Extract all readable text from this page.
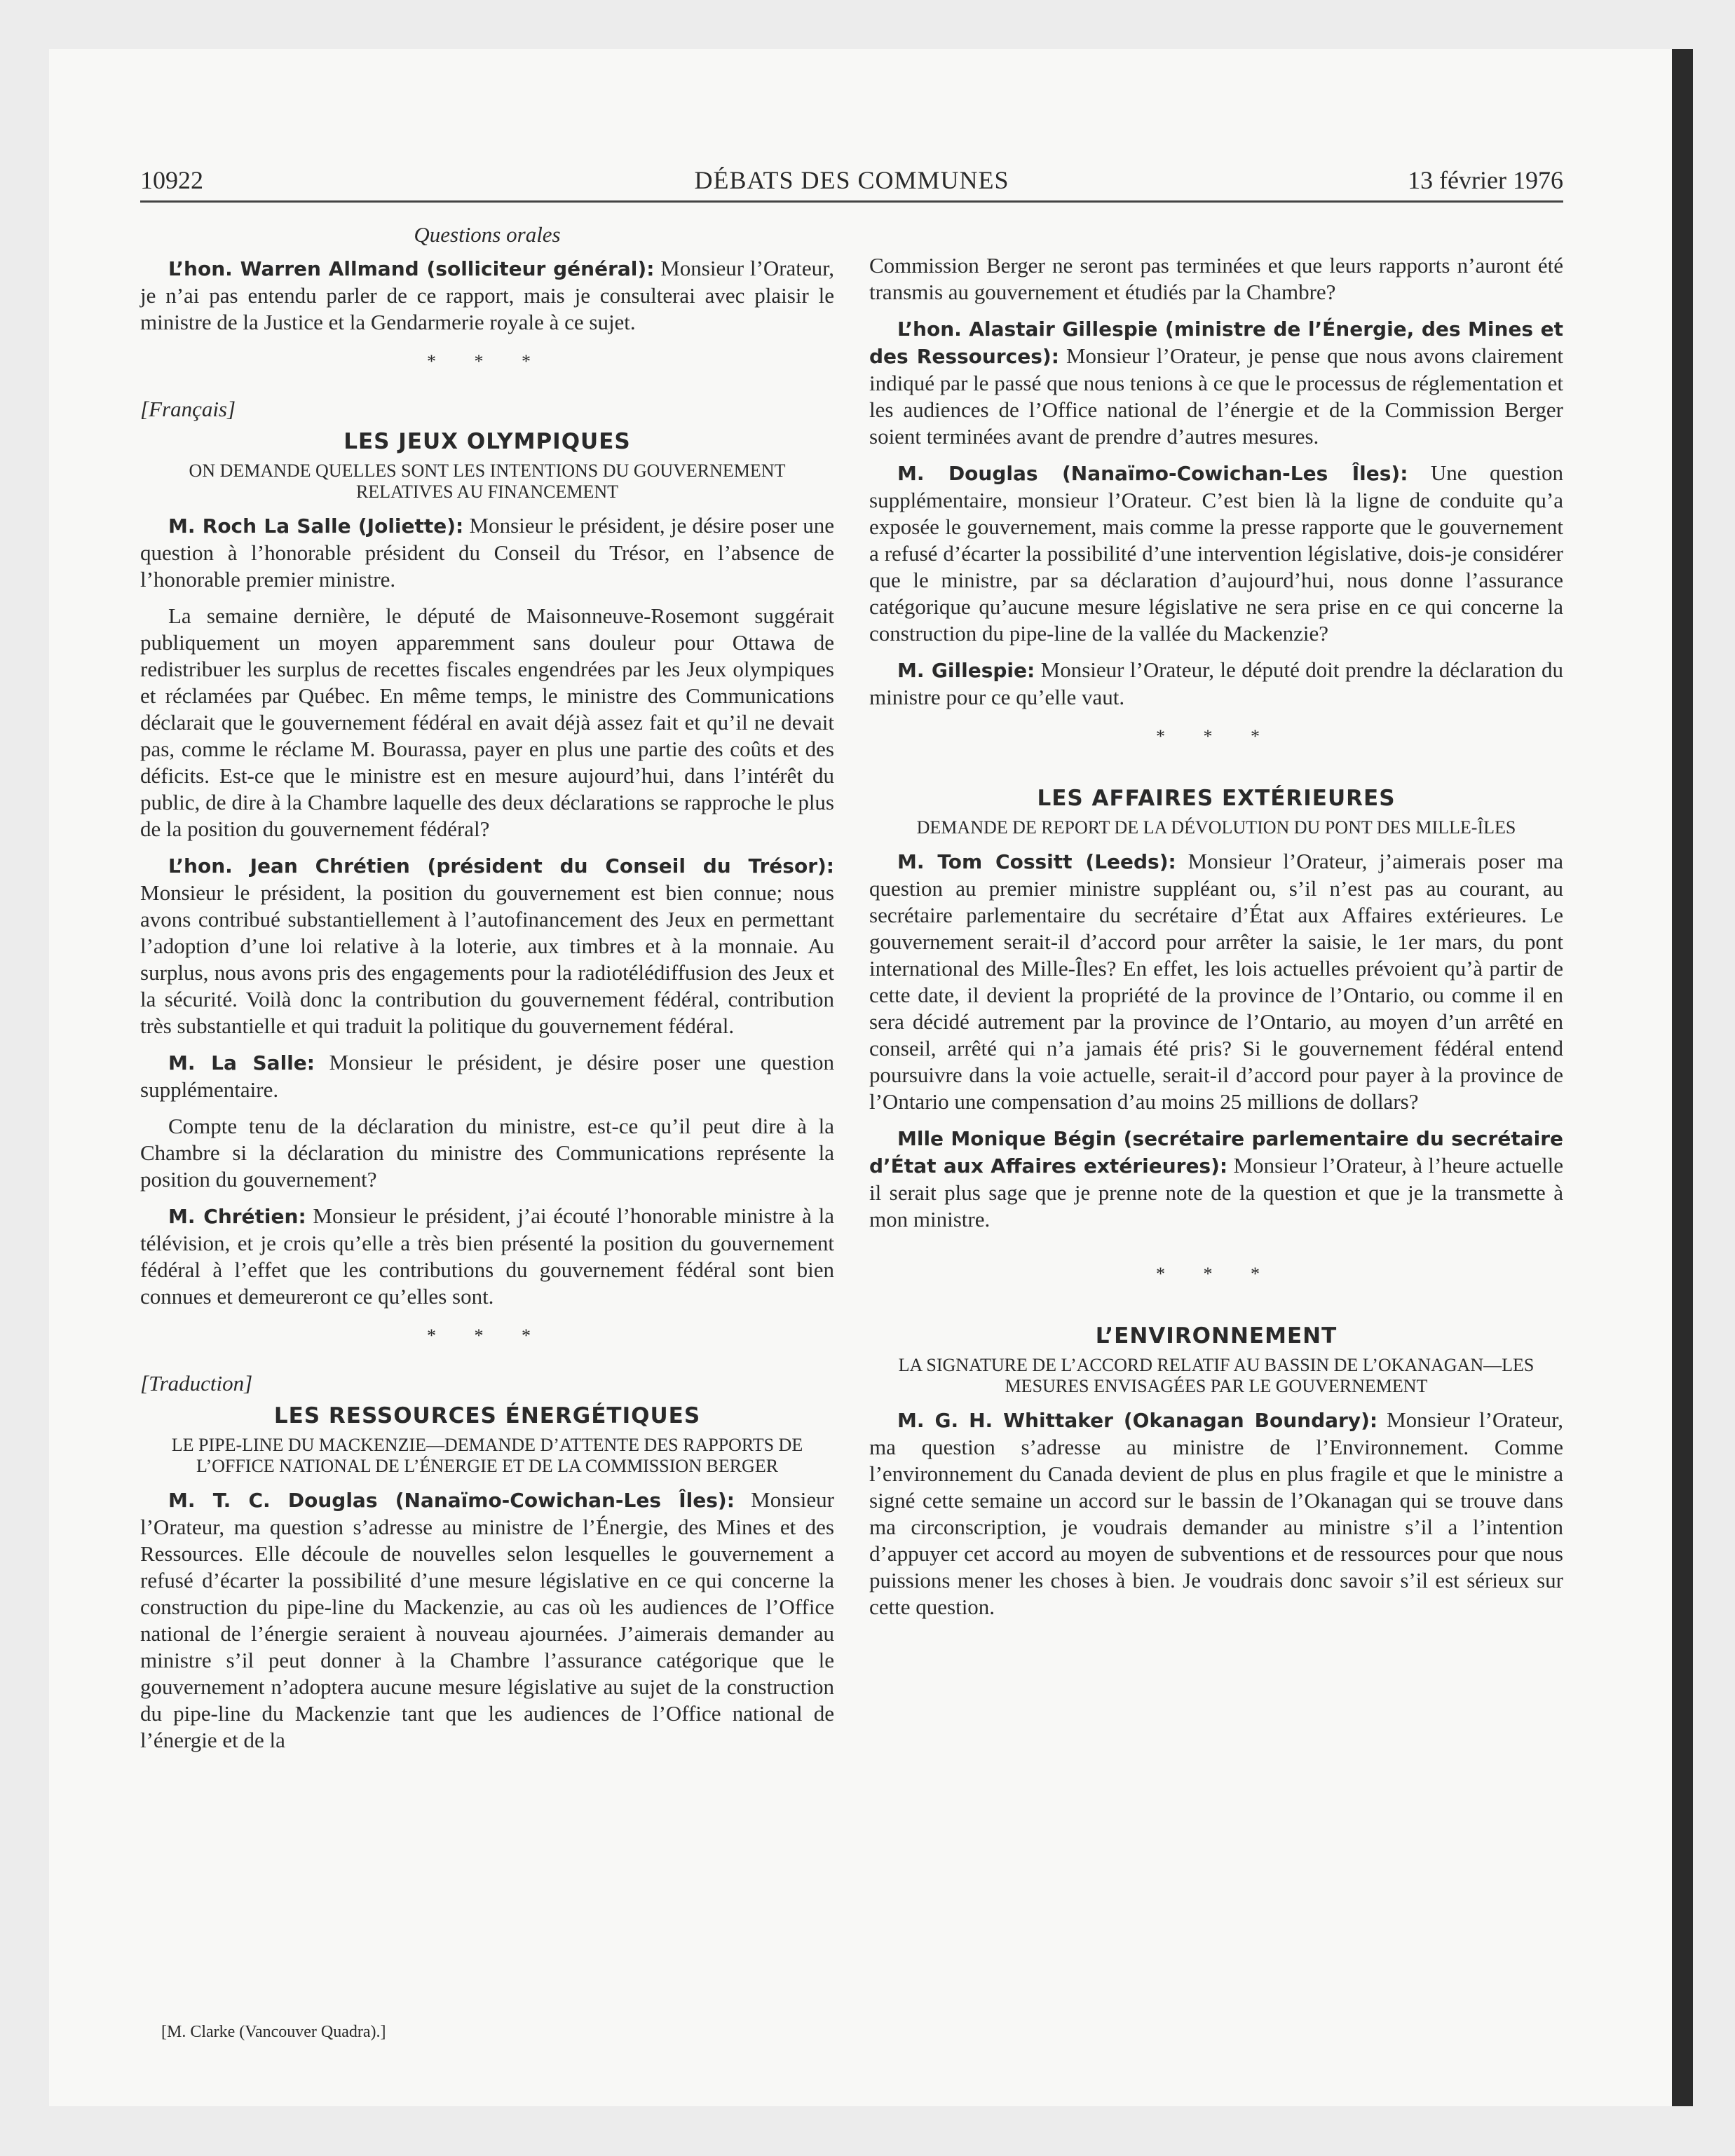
10922	DÉBATS DES COMMUNES	13 février 1976
Questions orales

L’hon. Warren Allmand (solliciteur général): Monsieur l’Orateur, je n’ai pas entendu parler de ce rapport, mais je consulterai avec plaisir le ministre de la Justice et la Gendarmerie royale à ce sujet.

* * *
[Français]
LES JEUX OLYMPIQUES
ON DEMANDE QUELLES SONT LES INTENTIONS DU GOUVERNEMENT RELATIVES AU FINANCEMENT

M. Roch La Salle (Joliette): Monsieur le président, je désire poser une question à l’honorable président du Conseil du Trésor, en l’absence de l’honorable premier ministre.

La semaine dernière, le député de Maisonneuve-Rosemont suggérait publiquement un moyen apparemment sans douleur pour Ottawa de redistribuer les surplus de recettes fiscales engendrées par les Jeux olympiques et réclamées par Québec. En même temps, le ministre des Communications déclarait que le gouvernement fédéral en avait déjà assez fait et qu’il ne devait pas, comme le réclame M. Bourassa, payer en plus une partie des coûts et des déficits. Est-ce que le ministre est en mesure aujourd’hui, dans l’intérêt du public, de dire à la Chambre laquelle des deux déclarations se rapproche le plus de la position du gouvernement fédéral?

L’hon. Jean Chrétien (président du Conseil du Trésor): Monsieur le président, la position du gouvernement est bien connue; nous avons contribué substantiellement à l’autofinancement des Jeux en permettant l’adoption d’une loi relative à la loterie, aux timbres et à la monnaie. Au surplus, nous avons pris des engagements pour la radiotélédiffusion des Jeux et la sécurité. Voilà donc la contribution du gouvernement fédéral, contribution très substantielle et qui traduit la politique du gouvernement fédéral.

M. La Salle: Monsieur le président, je désire poser une question supplémentaire.

Compte tenu de la déclaration du ministre, est-ce qu’il peut dire à la Chambre si la déclaration du ministre des Communications représente la position du gouvernement?

M. Chrétien: Monsieur le président, j’ai écouté l’honorable ministre à la télévision, et je crois qu’elle a très bien présenté la position du gouvernement fédéral à l’effet que les contributions du gouvernement fédéral sont bien connues et demeureront ce qu’elles sont.

* * *
[Traduction]
LES RESSOURCES ÉNERGÉTIQUES
LE PIPE-LINE DU MACKENZIE—DEMANDE D’ATTENTE DES RAPPORTS DE L’OFFICE NATIONAL DE L’ÉNERGIE ET DE LA COMMISSION BERGER

M. T. C. Douglas (Nanaïmo-Cowichan-Les Îles): Monsieur l’Orateur, ma question s’adresse au ministre de l’Énergie, des Mines et des Ressources. Elle découle de nouvelles selon lesquelles le gouvernement a refusé d’écarter la possibilité d’une mesure législative en ce qui concerne la construction du pipe-line du Mackenzie, au cas où les audiences de l’Office national de l’énergie seraient à nouveau ajournées. J’aimerais demander au ministre s’il peut donner à la Chambre l’assurance catégorique que le gouvernement n’adoptera aucune mesure législative au sujet de la construction du pipe-line du Mackenzie tant que les audiences de l’Office national de l’énergie et de la

Commission Berger ne seront pas terminées et que leurs rapports n’auront été transmis au gouvernement et étudiés par la Chambre?

L’hon. Alastair Gillespie (ministre de l’Énergie, des Mines et des Ressources): Monsieur l’Orateur, je pense que nous avons clairement indiqué par le passé que nous tenions à ce que le processus de réglementation et les audiences de l’Office national de l’énergie et de la Commission Berger soient terminées avant de prendre d’autres mesures.

M. Douglas (Nanaïmo-Cowichan-Les Îles): Une question supplémentaire, monsieur l’Orateur. C’est bien là la ligne de conduite qu’a exposée le gouvernement, mais comme la presse rapporte que le gouvernement a refusé d’écarter la possibilité d’une intervention législative, dois-je considérer que le ministre, par sa déclaration d’aujourd’hui, nous donne l’assurance catégorique qu’aucune mesure législative ne sera prise en ce qui concerne la construction du pipe-line de la vallée du Mackenzie?

M. Gillespie: Monsieur l’Orateur, le député doit prendre la déclaration du ministre pour ce qu’elle vaut.

* * *
LES AFFAIRES EXTÉRIEURES
DEMANDE DE REPORT DE LA DÉVOLUTION DU PONT DES MILLE-ÎLES

M. Tom Cossitt (Leeds): Monsieur l’Orateur, j’aimerais poser ma question au premier ministre suppléant ou, s’il n’est pas au courant, au secrétaire parlementaire du secrétaire d’État aux Affaires extérieures. Le gouvernement serait-il d’accord pour arrêter la saisie, le 1er mars, du pont international des Mille-Îles? En effet, les lois actuelles prévoient qu’à partir de cette date, il devient la propriété de la province de l’Ontario, ou comme il en sera décidé autrement par la province de l’Ontario, au moyen d’un arrêté en conseil, arrêté qui n’a jamais été pris? Si le gouvernement fédéral entend poursuivre dans la voie actuelle, serait-il d’accord pour payer à la province de l’Ontario une compensation d’au moins 25 millions de dollars?

Mlle Monique Bégin (secrétaire parlementaire du secrétaire d’État aux Affaires extérieures): Monsieur l’Orateur, à l’heure actuelle il serait plus sage que je prenne note de la question et que je la transmette à mon ministre.

* * *
L’ENVIRONNEMENT
LA SIGNATURE DE L’ACCORD RELATIF AU BASSIN DE L’OKANAGAN—LES MESURES ENVISAGÉES PAR LE GOUVERNEMENT

M. G. H. Whittaker (Okanagan Boundary): Monsieur l’Orateur, ma question s’adresse au ministre de l’Environnement. Comme l’environnement du Canada devient de plus en plus fragile et que le ministre a signé cette semaine un accord sur le bassin de l’Okanagan qui se trouve dans ma circonscription, je voudrais demander au ministre s’il a l’intention d’appuyer cet accord au moyen de subventions et de ressources pour que nous puissions mener les choses à bien. Je voudrais donc savoir s’il est sérieux sur cette question.

[M. Clarke (Vancouver Quadra).]
